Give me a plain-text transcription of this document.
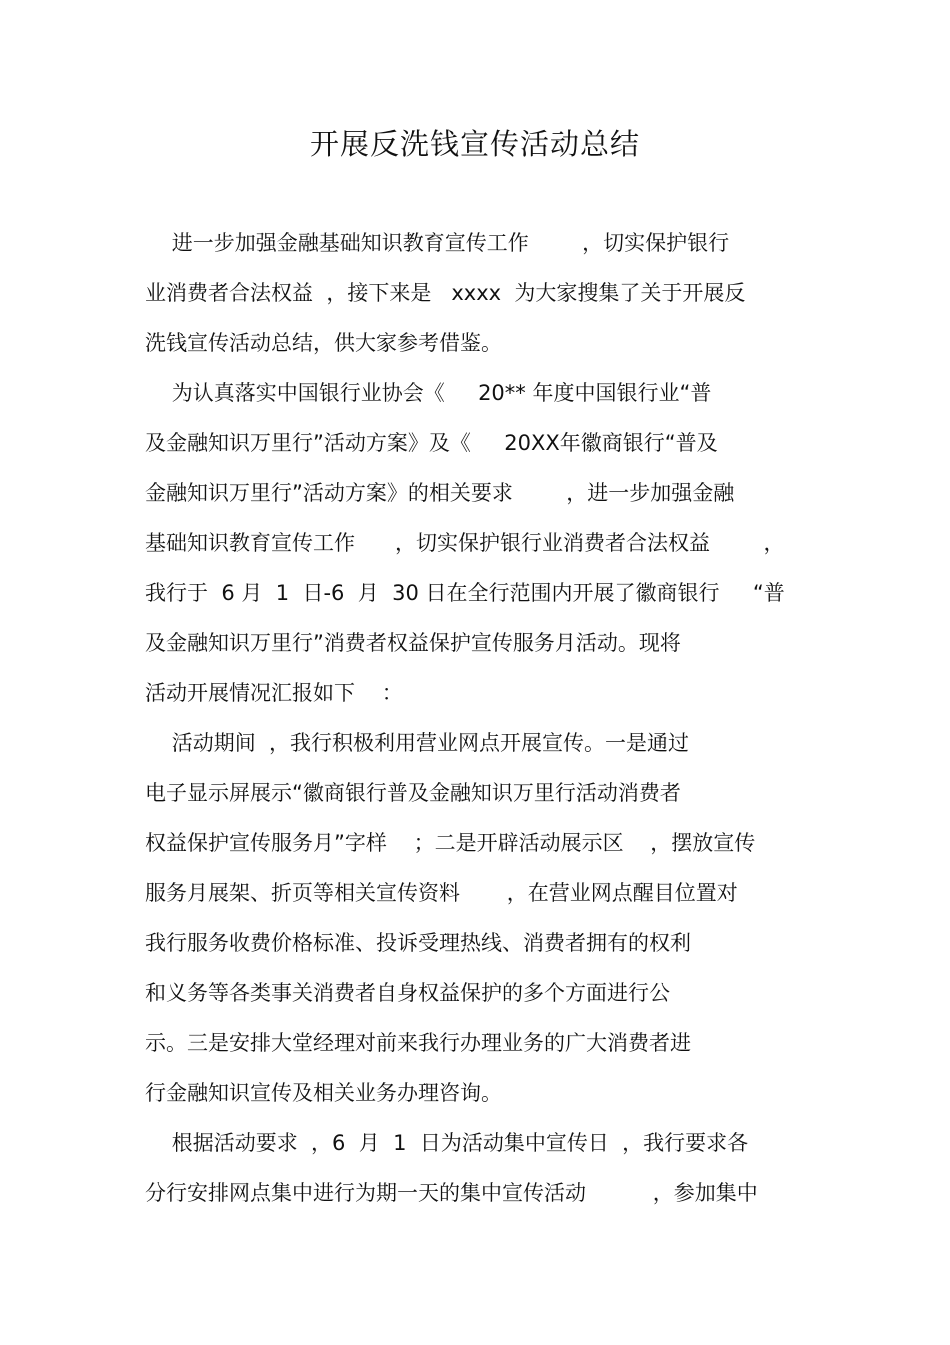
开展反洗钱宣传活动总结
进一步加强金融基础知识教育宣传工作        ，切实保护银行
业消费者合法权益  ，接下来是   xxxx  为大家搜集了关于开展反
洗钱宣传活动总结，供大家参考借鉴。
为认真落实中国银行业协会《     20** 年度中国银行业“普
及金融知识万里行”活动方案》及《     20XX年徽商银行“普及
金融知识万里行”活动方案》的相关要求        ，进一步加强金融
基础知识教育宣传工作      ，切实保护银行业消费者合法权益        ，
我行于  6 月  1  日-6  月  30 日在全行范围内开展了徽商银行     “普
及金融知识万里行”消费者权益保护宣传服务月活动。现将
活动开展情况汇报如下    ：
活动期间  ，我行积极利用营业网点开展宣传。一是通过
电子显示屏展示“徽商银行普及金融知识万里行活动消费者
权益保护宣传服务月”字样    ；二是开辟活动展示区    ，摆放宣传
服务月展架、折页等相关宣传资料       ，在营业网点醒目位置对
我行服务收费价格标准、投诉受理热线、消费者拥有的权利
和义务等各类事关消费者自身权益保护的多个方面进行公
示。三是安排大堂经理对前来我行办理业务的广大消费者进
行金融知识宣传及相关业务办理咨询。
根据活动要求  ，6  月  1  日为活动集中宣传日  ，我行要求各
分行安排网点集中进行为期一天的集中宣传活动          ，参加集中
